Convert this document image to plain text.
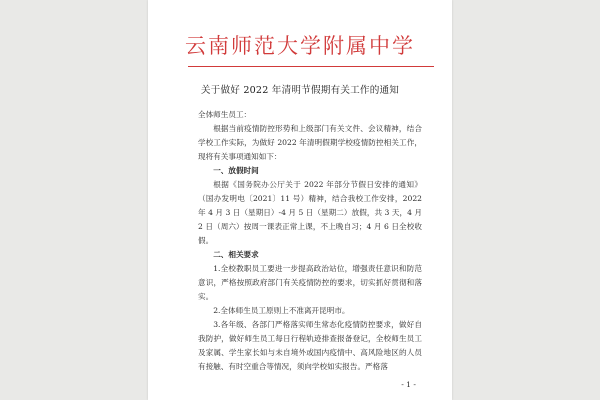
云南师范大学附属中学
关于做好 2022 年清明节假期有关工作的通知

全体师生员工：

根据当前疫情防控形势和上级部门有关文件、会议精神，结合学校工作实际，为做好 2022 年清明假期学校疫情防控相关工作，现将有关事项通知如下：

一、放假时间

根据《国务院办公厅关于 2022 年部分节假日安排的通知》（国办发明电〔2021〕11 号）精神，结合我校工作安排，2022 年 4 月 3 日（星期日）-4 月 5 日（星期二）放假，共 3 天，4 月 2 日（周六）按周一课表正常上课，不上晚自习；4 月 6 日全校收假。

二、相关要求

1.全校教职员工要进一步提高政治站位，增强责任意识和防范意识，严格按照政府部门有关疫情防控的要求，切实抓好贯彻和落实。

2.全体师生员工原则上不准离开昆明市。

3.各年级、各部门严格落实师生常态化疫情防控要求，做好自我防护，做好师生员工每日行程轨迹排查报备登记，全校师生员工及家属、学生家长如与未自境外或国内疫情中、高风险地区的人员有接触、有时空重合等情况，须向学校如实报告。严格落

- 1 -
